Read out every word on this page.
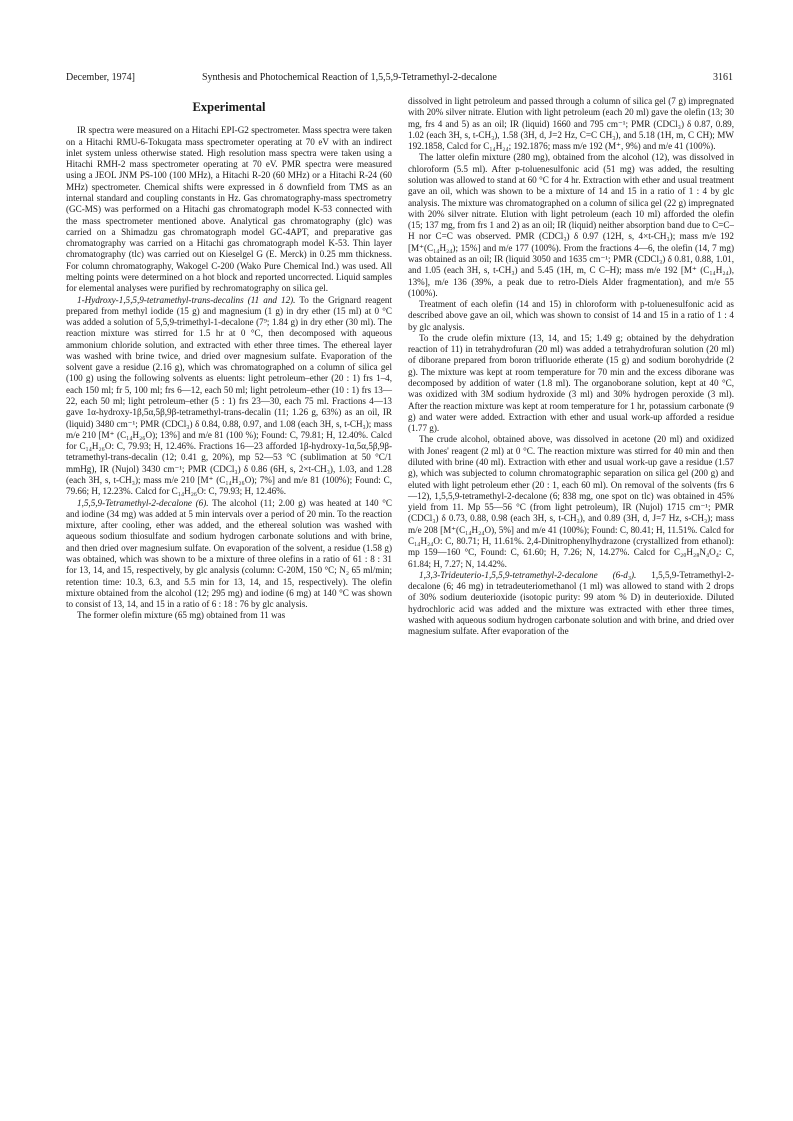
December, 1974]	Synthesis and Photochemical Reaction of 1,5,5,9-Tetramethyl-2-decalone	3161
Experimental

IR spectra were measured on a Hitachi EPI-G2 spectrometer. Mass spectra were taken on a Hitachi RMU-6-Tokugata mass spectrometer operating at 70 eV with an indirect inlet system unless otherwise stated. High resolution mass spectra were taken using a Hitachi RMH-2 mass spectrometer operating at 70 eV. PMR spectra were measured using a JEOL JNM PS-100 (100 MHz), a Hitachi R-20 (60 MHz) or a Hitachi R-24 (60 MHz) spectrometer. Chemical shifts were expressed in δ downfield from TMS as an internal standard and coupling constants in Hz. Gas chromatography-mass spectrometry (GC-MS) was performed on a Hitachi gas chromatograph model K-53 connected with the mass spectrometer mentioned above. Analytical gas chromatography (glc) was carried on a Shimadzu gas chromatograph model GC-4APT, and preparative gas chromatography was carried on a Hitachi gas chromatograph model K-53. Thin layer chromatography (tlc) was carried out on Kieselgel G (E. Merck) in 0.25 mm thickness. For column chromatography, Wakogel C-200 (Wako Pure Chemical Ind.) was used. All melting points were determined on a hot block and reported uncorrected. Liquid samples for elemental analyses were purified by rechromatography on silica gel.

1-Hydroxy-1,5,5,9-tetramethyl-trans-decalins (11 and 12). To the Grignard reagent prepared from methyl iodide (15 g) and magnesium (1 g) in dry ether (15 ml) at 0 °C was added a solution of 5,5,9-trimethyl-1-decalone (7⁹; 1.84 g) in dry ether (30 ml). The reaction mixture was stirred for 1.5 hr at 0 °C, then decomposed with aqueous ammonium chloride solution, and extracted with ether three times. The ethereal layer was washed with brine twice, and dried over magnesium sulfate. Evaporation of the solvent gave a residue (2.16 g), which was chromatographed on a column of silica gel (100 g) using the following solvents as eluents: light petroleum–ether (20 : 1) frs 1–4, each 150 ml; fr 5, 100 ml; frs 6—12, each 50 ml; light petroleum–ether (10 : 1) frs 13—22, each 50 ml; light petroleum–ether (5 : 1) frs 23—30, each 75 ml. Fractions 4—13 gave 1α-hydroxy-1β,5α,5β,9β-tetramethyl-trans-decalin (11; 1.26 g, 63%) as an oil, IR (liquid) 3480 cm⁻¹; PMR (CDCl₃) δ 0.84, 0.88, 0.97, and 1.08 (each 3H, s, t-CH₃); mass m/e 210 [M⁺ (C₁₄H₂₆O); 13%] and m/e 81 (100 %); Found: C, 79.81; H, 12.40%. Calcd for C₁₄H₂₆O: C, 79.93; H, 12.46%. Fractions 16—23 afforded 1β-hydroxy-1α,5α,5β,9β-tetramethyl-trans-decalin (12; 0.41 g, 20%), mp 52—53 °C (sublimation at 50 °C/1 mmHg), IR (Nujol) 3430 cm⁻¹; PMR (CDCl₃) δ 0.86 (6H, s, 2×t-CH₃), 1.03, and 1.28 (each 3H, s, t-CH₃); mass m/e 210 [M⁺ (C₁₄H₂₆O); 7%] and m/e 81 (100%); Found: C, 79.66; H, 12.23%. Calcd for C₁₄H₂₆O: C, 79.93; H, 12.46%.

1,5,5,9-Tetramethyl-2-decalone (6). The alcohol (11; 2.00 g) was heated at 140 °C and iodine (34 mg) was added at 5 min intervals over a period of 20 min. To the reaction mixture, after cooling, ether was added, and the ethereal solution was washed with aqueous sodium thiosulfate and sodium hydrogen carbonate solutions and with brine, and then dried over magnesium sulfate. On evaporation of the solvent, a residue (1.58 g) was obtained, which was shown to be a mixture of three olefins in a ratio of 61 : 8 : 31 for 13, 14, and 15, respectively, by glc analysis (column: C-20M, 150 °C; N₂ 65 ml/min; retention time: 10.3, 6.3, and 5.5 min for 13, 14, and 15, respectively). The olefin mixture obtained from the alcohol (12; 295 mg) and iodine (6 mg) at 140 °C was shown to consist of 13, 14, and 15 in a ratio of 6 : 18 : 76 by glc analysis.

The former olefin mixture (65 mg) obtained from 11 was

dissolved in light petroleum and passed through a column of silica gel (7 g) impregnated with 20% silver nitrate. Elution with light petroleum (each 20 ml) gave the olefin (13; 30 mg, frs 4 and 5) as an oil; IR (liquid) 1660 and 795 cm⁻¹; PMR (CDCl₃) δ 0.87, 0.89, 1.02 (each 3H, s, t-CH₃), 1.58 (3H, d, J=2 Hz, C=C CH₃), and 5.18 (1H, m, C CH); MW 192.1858, Calcd for C₁₄H₂₄; 192.1876; mass m/e 192 (M⁺, 9%) and m/e 41 (100%).

The latter olefin mixture (280 mg), obtained from the alcohol (12), was dissolved in chloroform (5.5 ml). After p-toluenesulfonic acid (51 mg) was added, the resulting solution was allowed to stand at 60 °C for 4 hr. Extraction with ether and usual treatment gave an oil, which was shown to be a mixture of 14 and 15 in a ratio of 1 : 4 by glc analysis. The mixture was chromatographed on a column of silica gel (22 g) impregnated with 20% silver nitrate. Elution with light petroleum (each 10 ml) afforded the olefin (15; 137 mg, from frs 1 and 2) as an oil; IR (liquid) neither absorption band due to C=C–H nor C=C was observed. PMR (CDCl₃) δ 0.97 (12H, s, 4×t-CH₃); mass m/e 192 [M⁺(C₁₄H₂₄); 15%] and m/e 177 (100%). From the fractions 4—6, the olefin (14, 7 mg) was obtained as an oil; IR (liquid 3050 and 1635 cm⁻¹; PMR (CDCl₃) δ 0.81, 0.88, 1.01, and 1.05 (each 3H, s, t-CH₃) and 5.45 (1H, m, C C–H); mass m/e 192 [M⁺ (C₁₄H₂₄), 13%], m/e 136 (39%, a peak due to retro-Diels Alder fragmentation), and m/e 55 (100%).

Treatment of each olefin (14 and 15) in chloroform with p-toluenesulfonic acid as described above gave an oil, which was shown to consist of 14 and 15 in a ratio of 1 : 4 by glc analysis.

To the crude olefin mixture (13, 14, and 15; 1.49 g; obtained by the dehydration reaction of 11) in tetrahydrofuran (20 ml) was added a tetrahydrofuran solution (20 ml) of diborane prepared from boron trifluoride etherate (15 g) and sodium borohydride (2 g). The mixture was kept at room temperature for 70 min and the excess diborane was decomposed by addition of water (1.8 ml). The organoborane solution, kept at 40 °C, was oxidized with 3M sodium hydroxide (3 ml) and 30% hydrogen peroxide (3 ml). After the reaction mixture was kept at room temperature for 1 hr, potassium carbonate (9 g) and water were added. Extraction with ether and usual work-up afforded a residue (1.77 g).

The crude alcohol, obtained above, was dissolved in acetone (20 ml) and oxidized with Jones' reagent (2 ml) at 0 °C. The reaction mixture was stirred for 40 min and then diluted with brine (40 ml). Extraction with ether and usual work-up gave a residue (1.57 g), which was subjected to column chromatographic separation on silica gel (200 g) and eluted with light petroleum ether (20 : 1, each 60 ml). On removal of the solvents (frs 6—12), 1,5,5,9-tetramethyl-2-decalone (6; 838 mg, one spot on tlc) was obtained in 45% yield from 11. Mp 55—56 °C (from light petroleum), IR (Nujol) 1715 cm⁻¹; PMR (CDCl₃) δ 0.73, 0.88, 0.98 (each 3H, s, t-CH₃), and 0.89 (3H, d, J=7 Hz, s-CH₃); mass m/e 208 [M⁺(C₁₄H₂₄O), 5%] and m/e 41 (100%); Found: C, 80.41; H, 11.51%. Calcd for C₁₄H₂₄O: C, 80.71; H, 11.61%. 2,4-Dinitrophenylhydrazone (crystallized from ethanol): mp 159—160 °C, Found: C, 61.60; H, 7.26; N, 14.27%. Calcd for C₂₀H₂₈N₄O₄: C, 61.84; H, 7.27; N, 14.42%.

1,3,3-Trideuterio-1,5,5,9-tetramethyl-2-decalone (6-d₃). 1,5,5,9-Tetramethyl-2-decalone (6; 46 mg) in tetradeuteriomethanol (1 ml) was allowed to stand with 2 drops of 30% sodium deuterioxide (isotopic purity: 99 atom % D) in deuterioxide. Diluted hydrochloric acid was added and the mixture was extracted with ether three times, washed with aqueous sodium hydrogen carbonate solution and with brine, and dried over magnesium sulfate. After evaporation of the
